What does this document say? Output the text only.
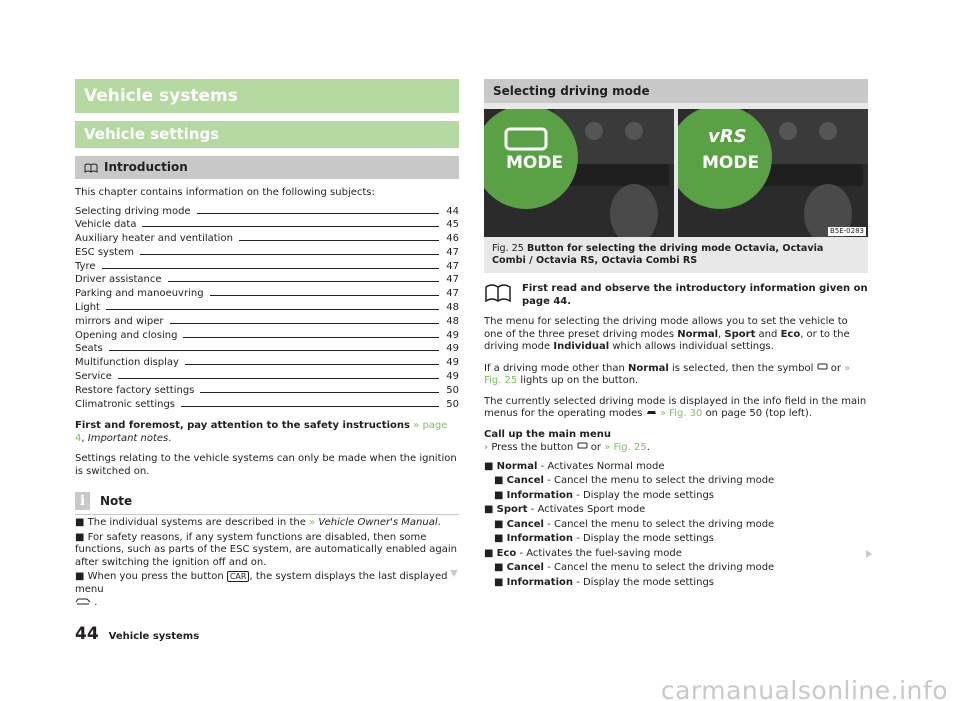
Vehicle systems
Vehicle settings
Introduction

This chapter contains information on the following subjects:

Selecting driving mode	44
Vehicle data	45
Auxiliary heater and ventilation	46
ESC system	47
Tyre	47
Driver assistance	47
Parking and manoeuvring	47
Light	48
mirrors and wiper	48
Opening and closing	49
Seats	49
Multifunction display	49
Service	49
Restore factory settings	50
Climatronic settings	50

First and foremost, pay attention to the safety instructions » page 4, Important notes.

Settings relating to the vehicle systems can only be made when the ignition is switched on.

i	Note
■ The individual systems are described in the » Vehicle Owner's Manual.
■ For safety reasons, if any system functions are disabled, then some functions, such as parts of the ESC system, are automatically enabled again after switching the ignition off and on.
■ When you press the button CAR , the system displays the last displayed menu
.
Selecting driving mode
MODE
vRS
MODE
B5E-0283
Fig. 25 Button for selecting the driving mode Octavia, Octavia Combi / Octavia RS, Octavia Combi RS
First read and observe the introductory information given on page 44.

The menu for selecting the driving mode allows you to set the vehicle to one of the three preset driving modes Normal, Sport and Eco, or to the driving mode Individual which allows individual settings.

If a driving mode other than Normal is selected, then the symbol or » Fig. 25 lights up on the button.

The currently selected driving mode is displayed in the info field in the main menus for the operating modes » Fig. 30 on page 50 (top left).

Call up the main menu

› Press the button or » Fig. 25.
■ Normal - Activates Normal mode
■ Cancel - Cancel the menu to select the driving mode
■ Information - Display the mode settings
■ Sport - Activates Sport mode
■ Cancel - Cancel the menu to select the driving mode
■ Information - Display the mode settings
■ Eco - Activates the fuel-saving mode
■ Cancel - Cancel the menu to select the driving mode
■ Information - Display the mode settings
44 Vehicle systems
carmanualsonline.info
